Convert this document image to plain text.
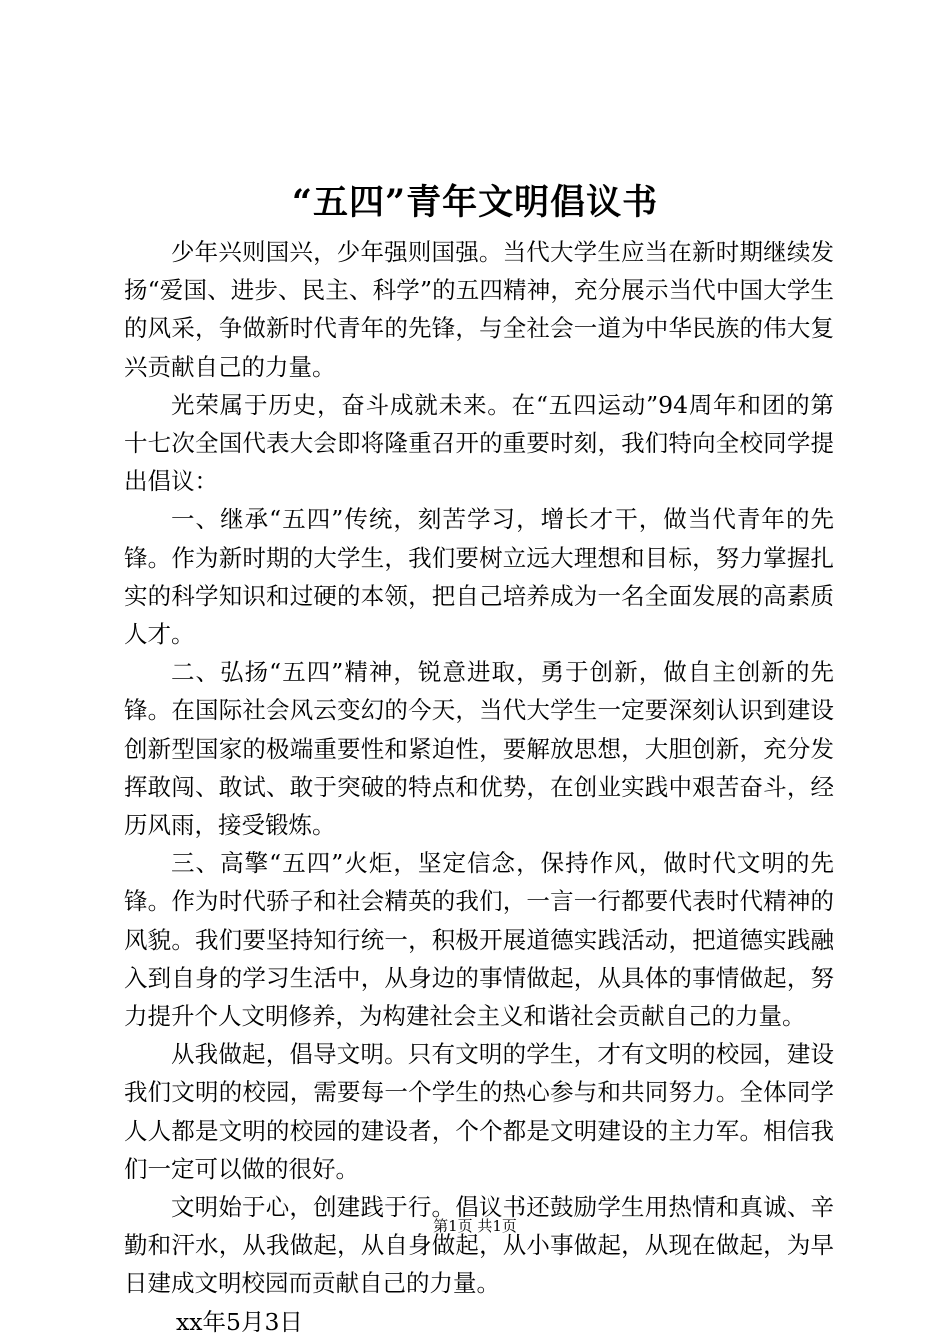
“五四”青年文明倡议书

少年兴则国兴，少年强则国强。当代大学生应当在新时期继续发扬“爱国、进步、民主、科学”的五四精神，充分展示当代中国大学生的风采，争做新时代青年的先锋，与全社会一道为中华民族的伟大复兴贡献自己的力量。

光荣属于历史，奋斗成就未来。在“五四运动”94周年和团的第十七次全国代表大会即将隆重召开的重要时刻，我们特向全校同学提出倡议：

一、继承“五四”传统，刻苦学习，增长才干，做当代青年的先锋。作为新时期的大学生，我们要树立远大理想和目标，努力掌握扎实的科学知识和过硬的本领，把自己培养成为一名全面发展的高素质人才。

二、弘扬“五四”精神，锐意进取，勇于创新，做自主创新的先锋。在国际社会风云变幻的今天，当代大学生一定要深刻认识到建设创新型国家的极端重要性和紧迫性，要解放思想，大胆创新，充分发挥敢闯、敢试、敢于突破的特点和优势，在创业实践中艰苦奋斗，经历风雨，接受锻炼。

三、高擎“五四”火炬，坚定信念，保持作风，做时代文明的先锋。作为时代骄子和社会精英的我们，一言一行都要代表时代精神的风貌。我们要坚持知行统一，积极开展道德实践活动，把道德实践融入到自身的学习生活中，从身边的事情做起，从具体的事情做起，努力提升个人文明修养，为构建社会主义和谐社会贡献自己的力量。

从我做起，倡导文明。只有文明的学生，才有文明的校园，建设我们文明的校园，需要每一个学生的热心参与和共同努力。全体同学人人都是文明的校园的建设者，个个都是文明建设的主力军。相信我们一定可以做的很好。

文明始于心，创建践于行。倡议书还鼓励学生用热情和真诚、辛勤和汗水，从我做起，从自身做起，从小事做起，从现在做起，为早日建成文明校园而贡献自己的力量。

xx年5月3日

第1页 共1页
